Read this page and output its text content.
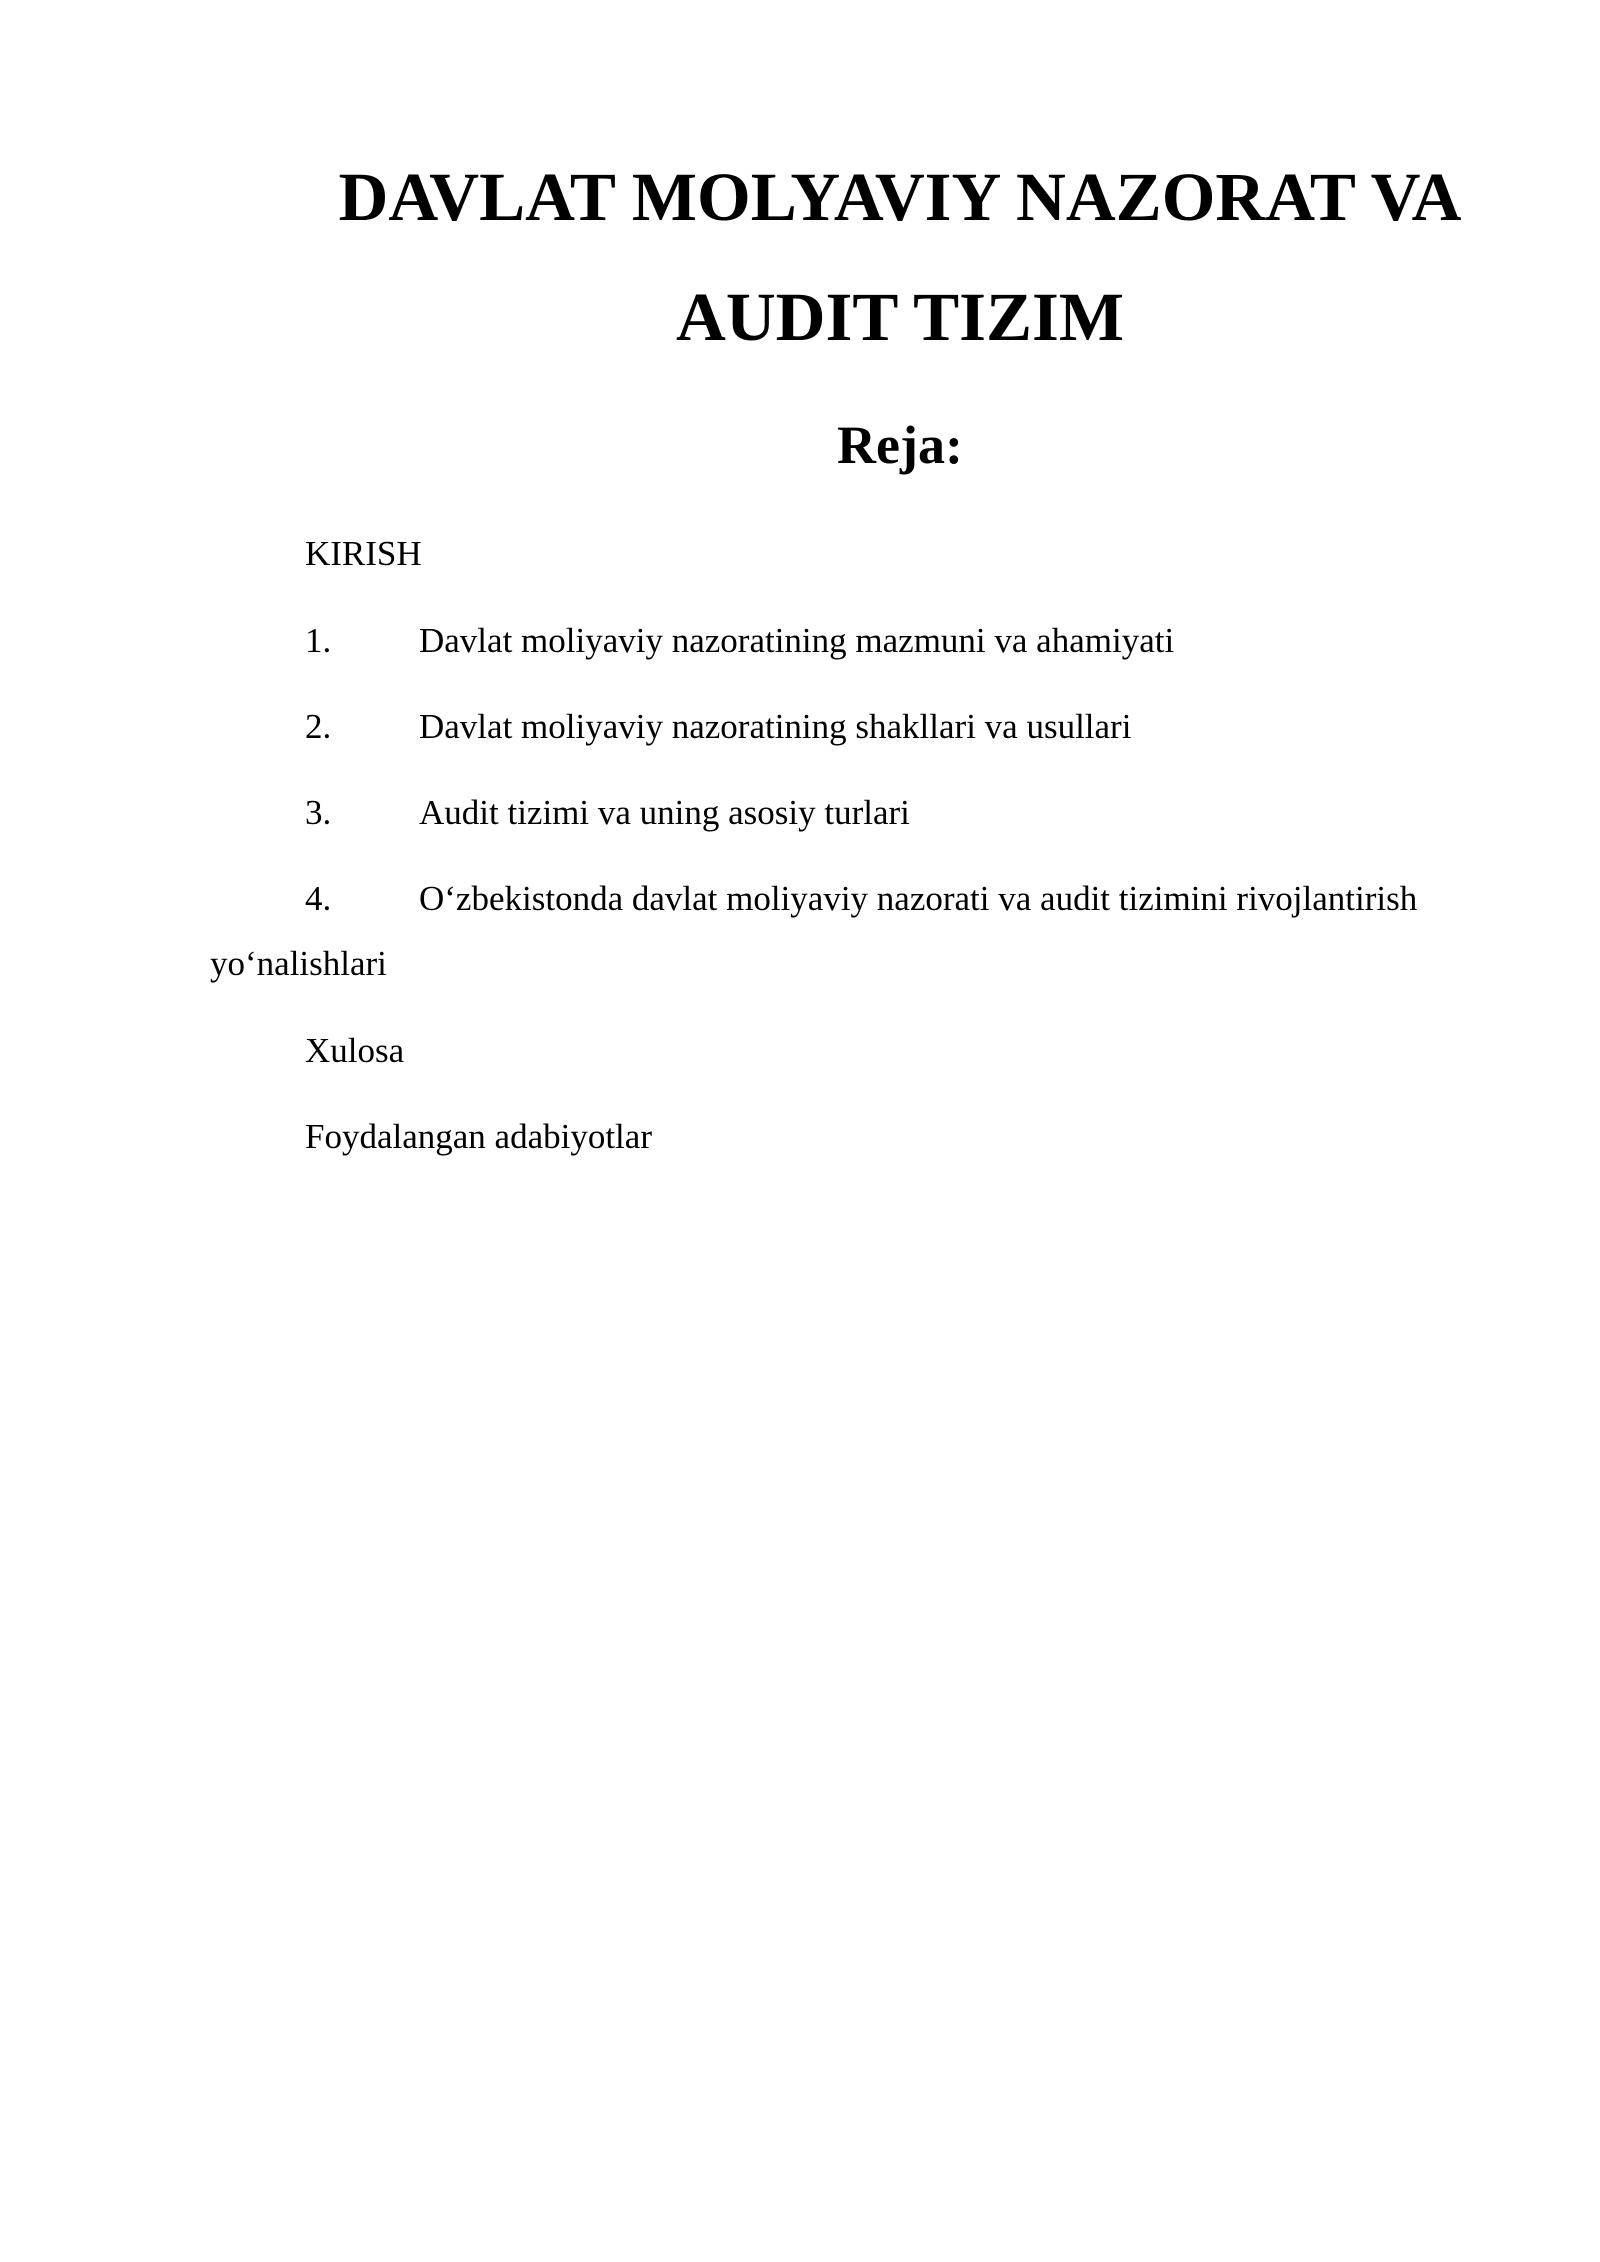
DAVLAT MOLYAVIY NAZORAT VA
AUDIT TIZIM
Reja:
KIRISH
1.	Davlat moliyaviy nazoratining mazmuni va ahamiyati
2.	Davlat moliyaviy nazoratining shakllari va usullari
3.	Audit tizimi va uning asosiy turlari
4.	O‘zbekistonda davlat moliyaviy nazorati va audit tizimini rivojlantirish
yo‘nalishlari
Xulosa
Foydalangan adabiyotlar
